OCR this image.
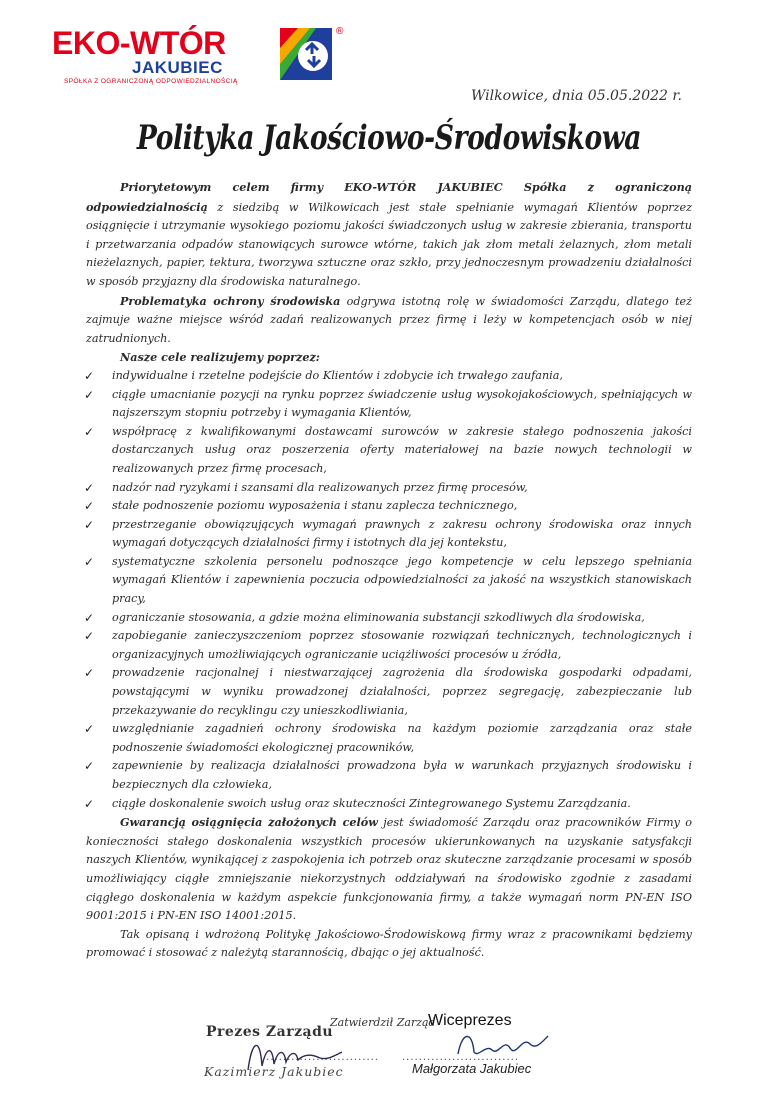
EKO-WTÓR
JAKUBIEC
SPÓŁKA Z OGRANICZONĄ ODPOWIEDZIALNOŚCIĄ
®
Wilkowice, dnia 05.05.2022 r.
Polityka Jakościowo-Środowiskowa

Priorytetowym celem firmy EKO-WTÓR JAKUBIEC Spółka z ograniczoną odpowiedzialnością z siedzibą w Wilkowicach jest stałe spełnianie wymagań Klientów poprzez osiągnięcie i utrzymanie wysokiego poziomu jakości świadczonych usług w zakresie zbierania, transportu i przetwarzania odpadów stanowiących surowce wtórne, takich jak złom metali żelaznych, złom metali nieżelaznych, papier, tektura, tworzywa sztuczne oraz szkło, przy jednoczesnym prowadzeniu działalności w sposób przyjazny dla środowiska naturalnego.

Problematyka ochrony środowiska odgrywa istotną rolę w świadomości Zarządu, dlatego też zajmuje ważne miejsce wśród zadań realizowanych przez firmę i leży w kompetencjach osób w niej zatrudnionych.

Nasze cele realizujemy poprzez:

✓ indywidualne i rzetelne podejście do Klientów i zdobycie ich trwałego zaufania,
✓ ciągłe umacnianie pozycji na rynku poprzez świadczenie usług wysokojakościowych, spełniających w najszerszym stopniu potrzeby i wymagania Klientów,
✓ współpracę z kwalifikowanymi dostawcami surowców w zakresie stałego podnoszenia jakości dostarczanych usług oraz poszerzenia oferty materiałowej na bazie nowych technologii w realizowanych przez firmę procesach,
✓ nadzór nad ryzykami i szansami dla realizowanych przez firmę procesów,
✓ stałe podnoszenie poziomu wyposażenia i stanu zaplecza technicznego,
✓ przestrzeganie obowiązujących wymagań prawnych z zakresu ochrony środowiska oraz innych wymagań dotyczących działalności firmy i istotnych dla jej kontekstu,
✓ systematyczne szkolenia personelu podnoszące jego kompetencje w celu lepszego spełniania wymagań Klientów i zapewnienia poczucia odpowiedzialności za jakość na wszystkich stanowiskach pracy,
✓ ograniczanie stosowania, a gdzie można eliminowania substancji szkodliwych dla środowiska,
✓ zapobieganie zanieczyszczeniom poprzez stosowanie rozwiązań technicznych, technologicznych i organizacyjnych umożliwiających ograniczanie uciążliwości procesów u źródła,
✓ prowadzenie racjonalnej i niestwarzającej zagrożenia dla środowiska gospodarki odpadami, powstającymi w wyniku prowadzonej działalności, poprzez segregację, zabezpieczanie lub przekazywanie do recyklingu czy unieszkodliwiania,
✓ uwzględnianie zagadnień ochrony środowiska na każdym poziomie zarządzania oraz stałe podnoszenie świadomości ekologicznej pracowników,
✓ zapewnienie by realizacja działalności prowadzona była w warunkach przyjaznych środowisku i bezpiecznych dla człowieka,
✓ ciągłe doskonalenie swoich usług oraz skuteczności Zintegrowanego Systemu Zarządzania.

Gwarancją osiągnięcia założonych celów jest świadomość Zarządu oraz pracowników Firmy o konieczności stałego doskonalenia wszystkich procesów ukierunkowanych na uzyskanie satysfakcji naszych Klientów, wynikającej z zaspokojenia ich potrzeb oraz skuteczne zarządzanie procesami w sposób umożliwiający ciągłe zmniejszanie niekorzystnych oddziaływań na środowisko zgodnie z zasadami ciągłego doskonalenia w każdym aspekcie funkcjonowania firmy, a także wymagań norm PN-EN ISO 9001:2015 i PN-EN ISO 14001:2015.

Tak opisaną i wdrożoną Politykę Jakościowo-Środowiskową firmy wraz z pracownikami będziemy promować i stosować z należytą starannością, dbając o jej aktualność.

Prezes Zarządu
............................
Kazimierz Jakubiec
Zatwierdził Zarząd
Wiceprezes
............................
Małgorzata Jakubiec
